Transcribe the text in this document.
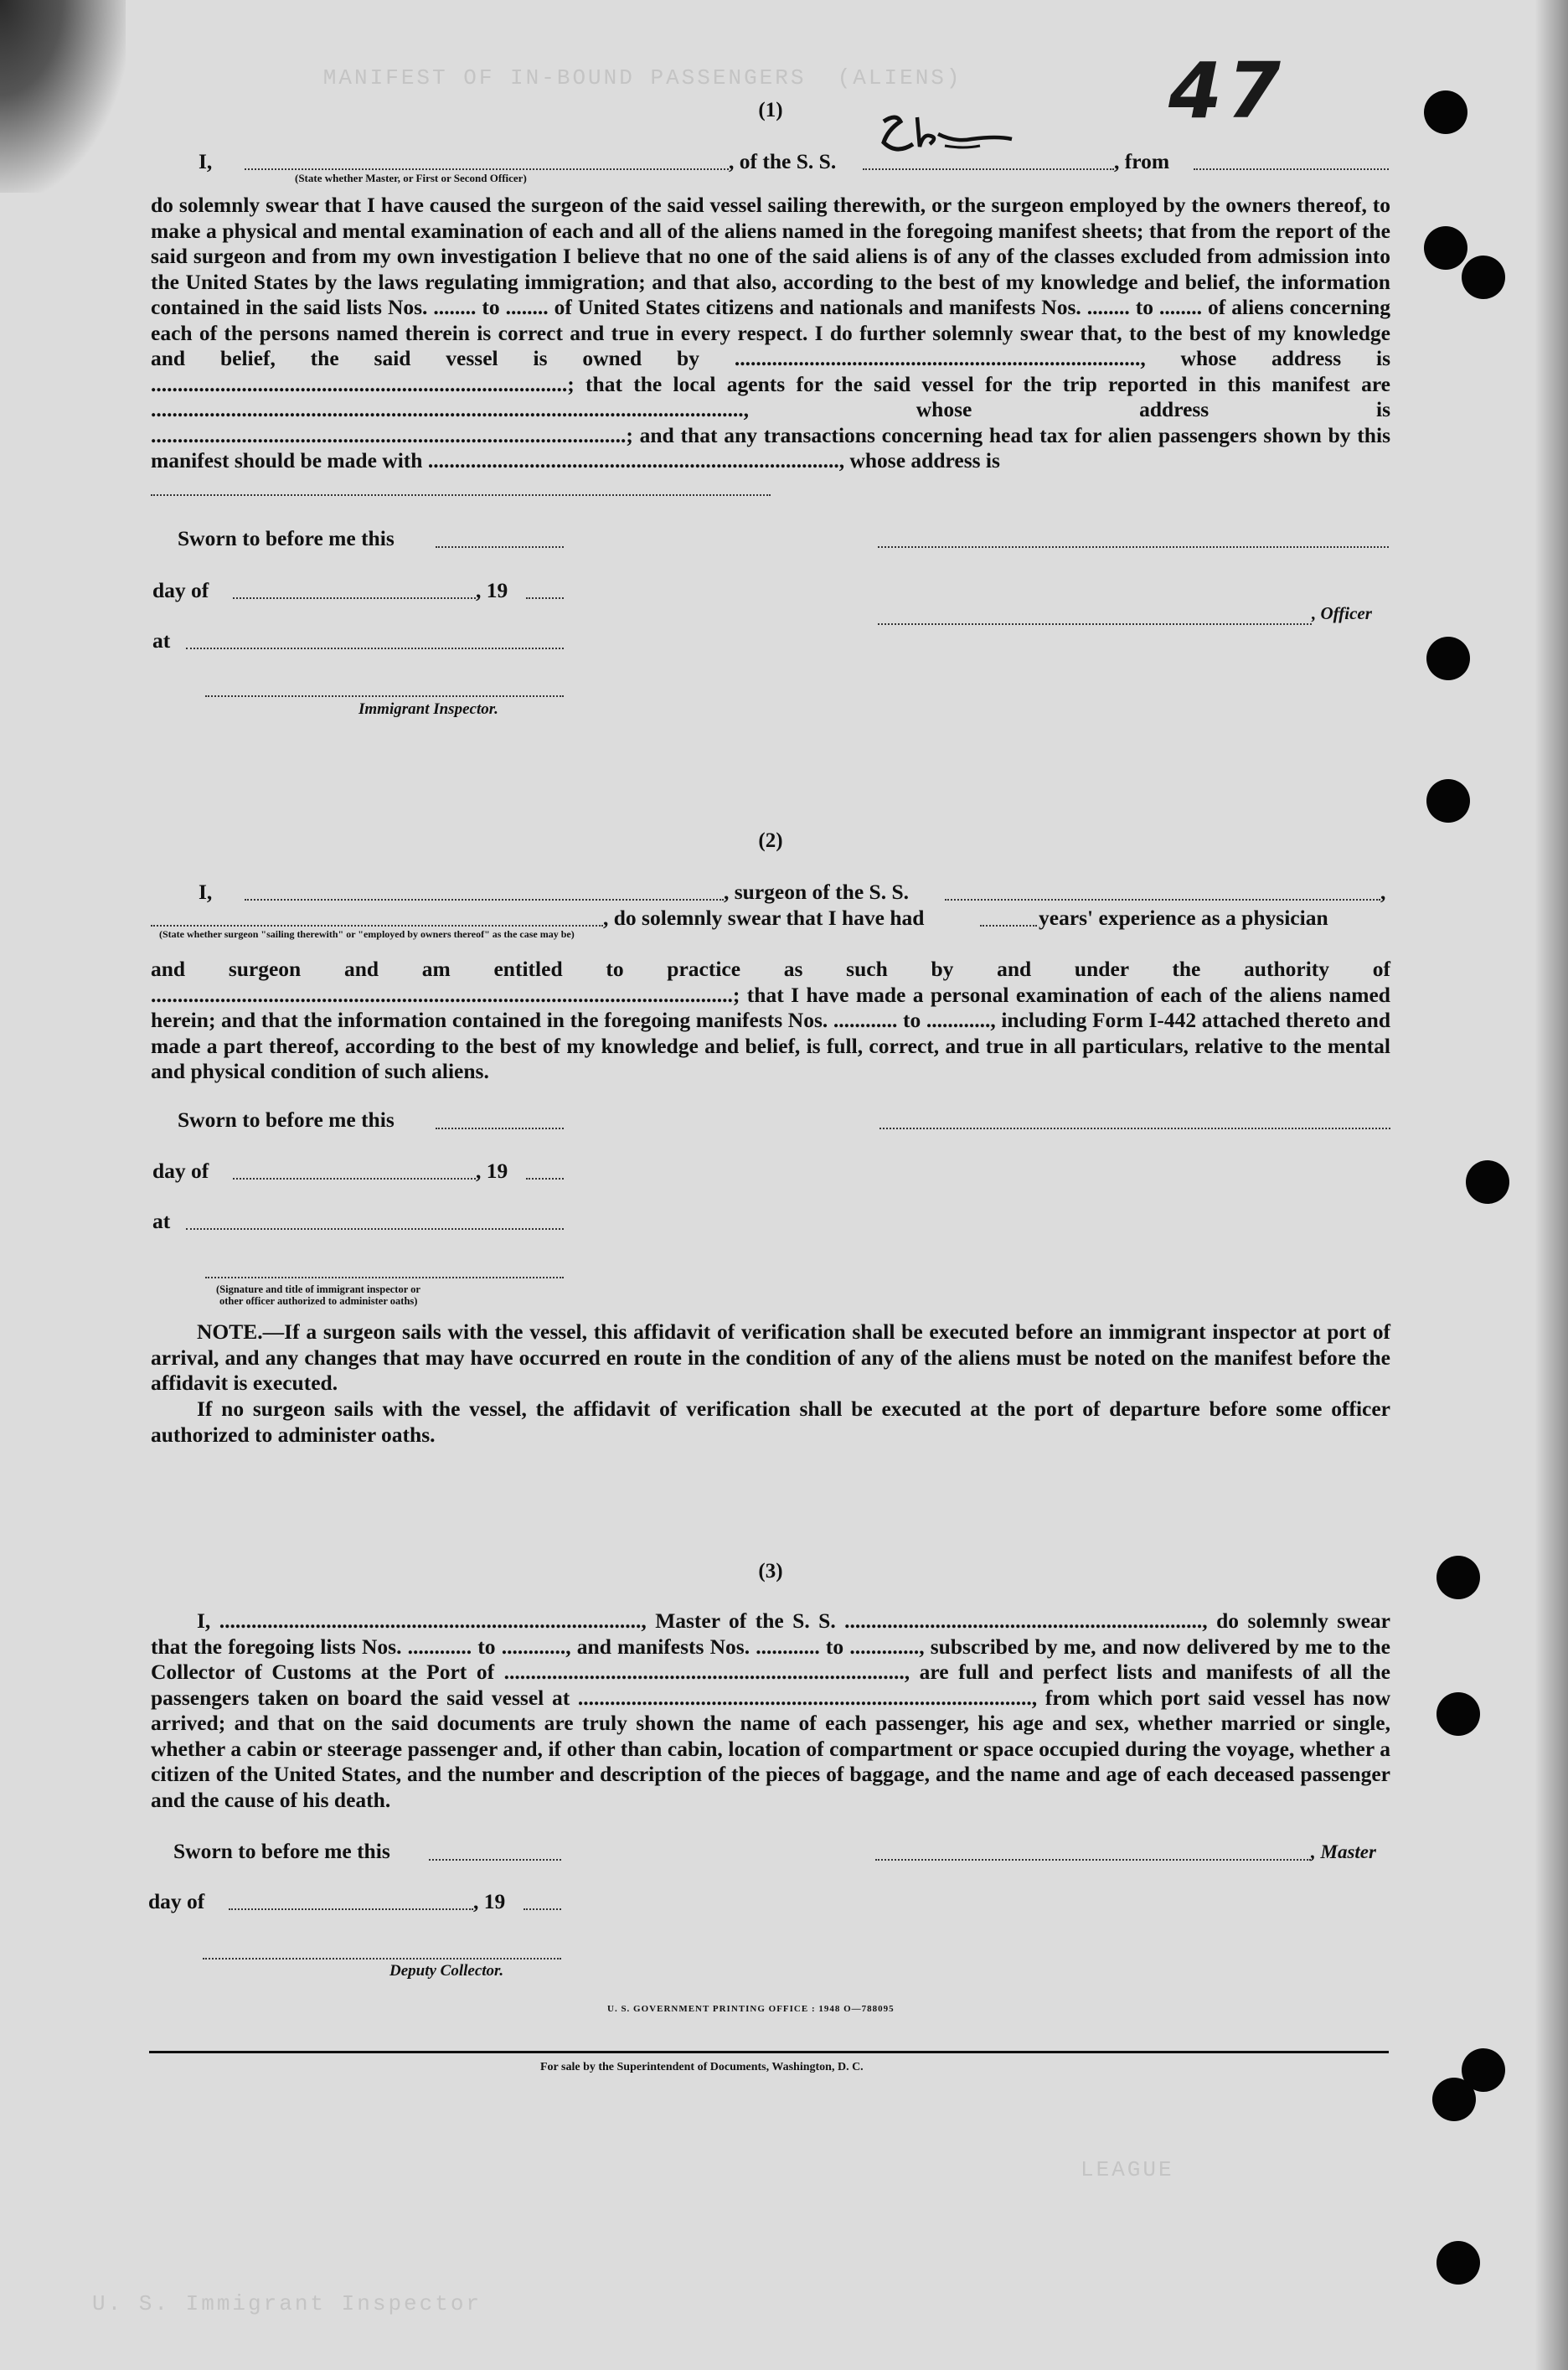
MANIFEST OF IN-BOUND PASSENGERS  (ALIENS)
LEAGUE
U. S. Immigrant Inspector
47
(1)
I,	, of the S. S.	, from
(State whether Master, or First or Second Officer)

do solemnly swear that I have caused the surgeon of the said vessel sailing therewith, or the surgeon employed by the owners thereof, to make a physical and mental examination of each and all of the aliens named in the foregoing manifest sheets; that from the report of the said surgeon and from my own investigation I believe that no one of the said aliens is of any of the classes excluded from admission into the United States by the laws regulating immigration; and that also, according to the best of my knowledge and belief, the information contained in the said lists Nos. ........ to ........ of United States citizens and nationals and manifests Nos. ........ to ........ of aliens concerning each of the persons named therein is correct and true in every respect. I do further solemnly swear that, to the best of my knowledge and belief, the said vessel is owned by ............................................................................, whose address is ..............................................................................; that the local agents for the said vessel for the trip reported in this manifest are ..............................................................................................................., whose address is .........................................................................................; and that any transactions concerning head tax for alien passengers shown by this manifest should be made with ............................................................................., whose address is

Sworn to before me this
day of	, 19
, Officer
at
Immigrant Inspector.
(2)
I,	, surgeon of the S. S.	,
, do solemnly swear that I have had	years' experience as a physician
(State whether surgeon "sailing therewith" or "employed by owners thereof" as the case may be)

and surgeon and am entitled to practice as such by and under the authority of .............................................................................................................; that I have made a personal examination of each of the aliens named herein; and that the information contained in the foregoing manifests Nos. ............ to ............, including Form I-442 attached thereto and made a part thereof, according to the best of my knowledge and belief, is full, correct, and true in all particulars, relative to the mental and physical condition of such aliens.

Sworn to before me this
day of	, 19
at
(Signature and title of immigrant inspector or
other officer authorized to administer oaths)

NOTE.—If a surgeon sails with the vessel, this affidavit of verification shall be executed before an immigrant inspector at port of arrival, and any changes that may have occurred en route in the condition of any of the aliens must be noted on the manifest before the affidavit is executed.

If no surgeon sails with the vessel, the affidavit of verification shall be executed at the port of departure before some officer authorized to administer oaths.

(3)

I, ..............................................................................., Master of the S. S. ..................................................................., do solemnly swear that the foregoing lists Nos. ............ to ............, and manifests Nos. ............ to ............., subscribed by me, and now delivered by me to the Collector of Customs at the Port of ..........................................................................., are full and perfect lists and manifests of all the passengers taken on board the said vessel at ....................................................................................., from which port said vessel has now arrived; and that on the said documents are truly shown the name of each passenger, his age and sex, whether married or single, whether a cabin or steerage passenger and, if other than cabin, location of compartment or space occupied during the voyage, whether a citizen of the United States, and the number and description of the pieces of baggage, and the name and age of each deceased passenger and the cause of his death.

Sworn to before me this	, Master
day of	, 19
Deputy Collector.
U. S. GOVERNMENT PRINTING OFFICE : 1948 O—788095
For sale by the Superintendent of Documents, Washington, D. C.
